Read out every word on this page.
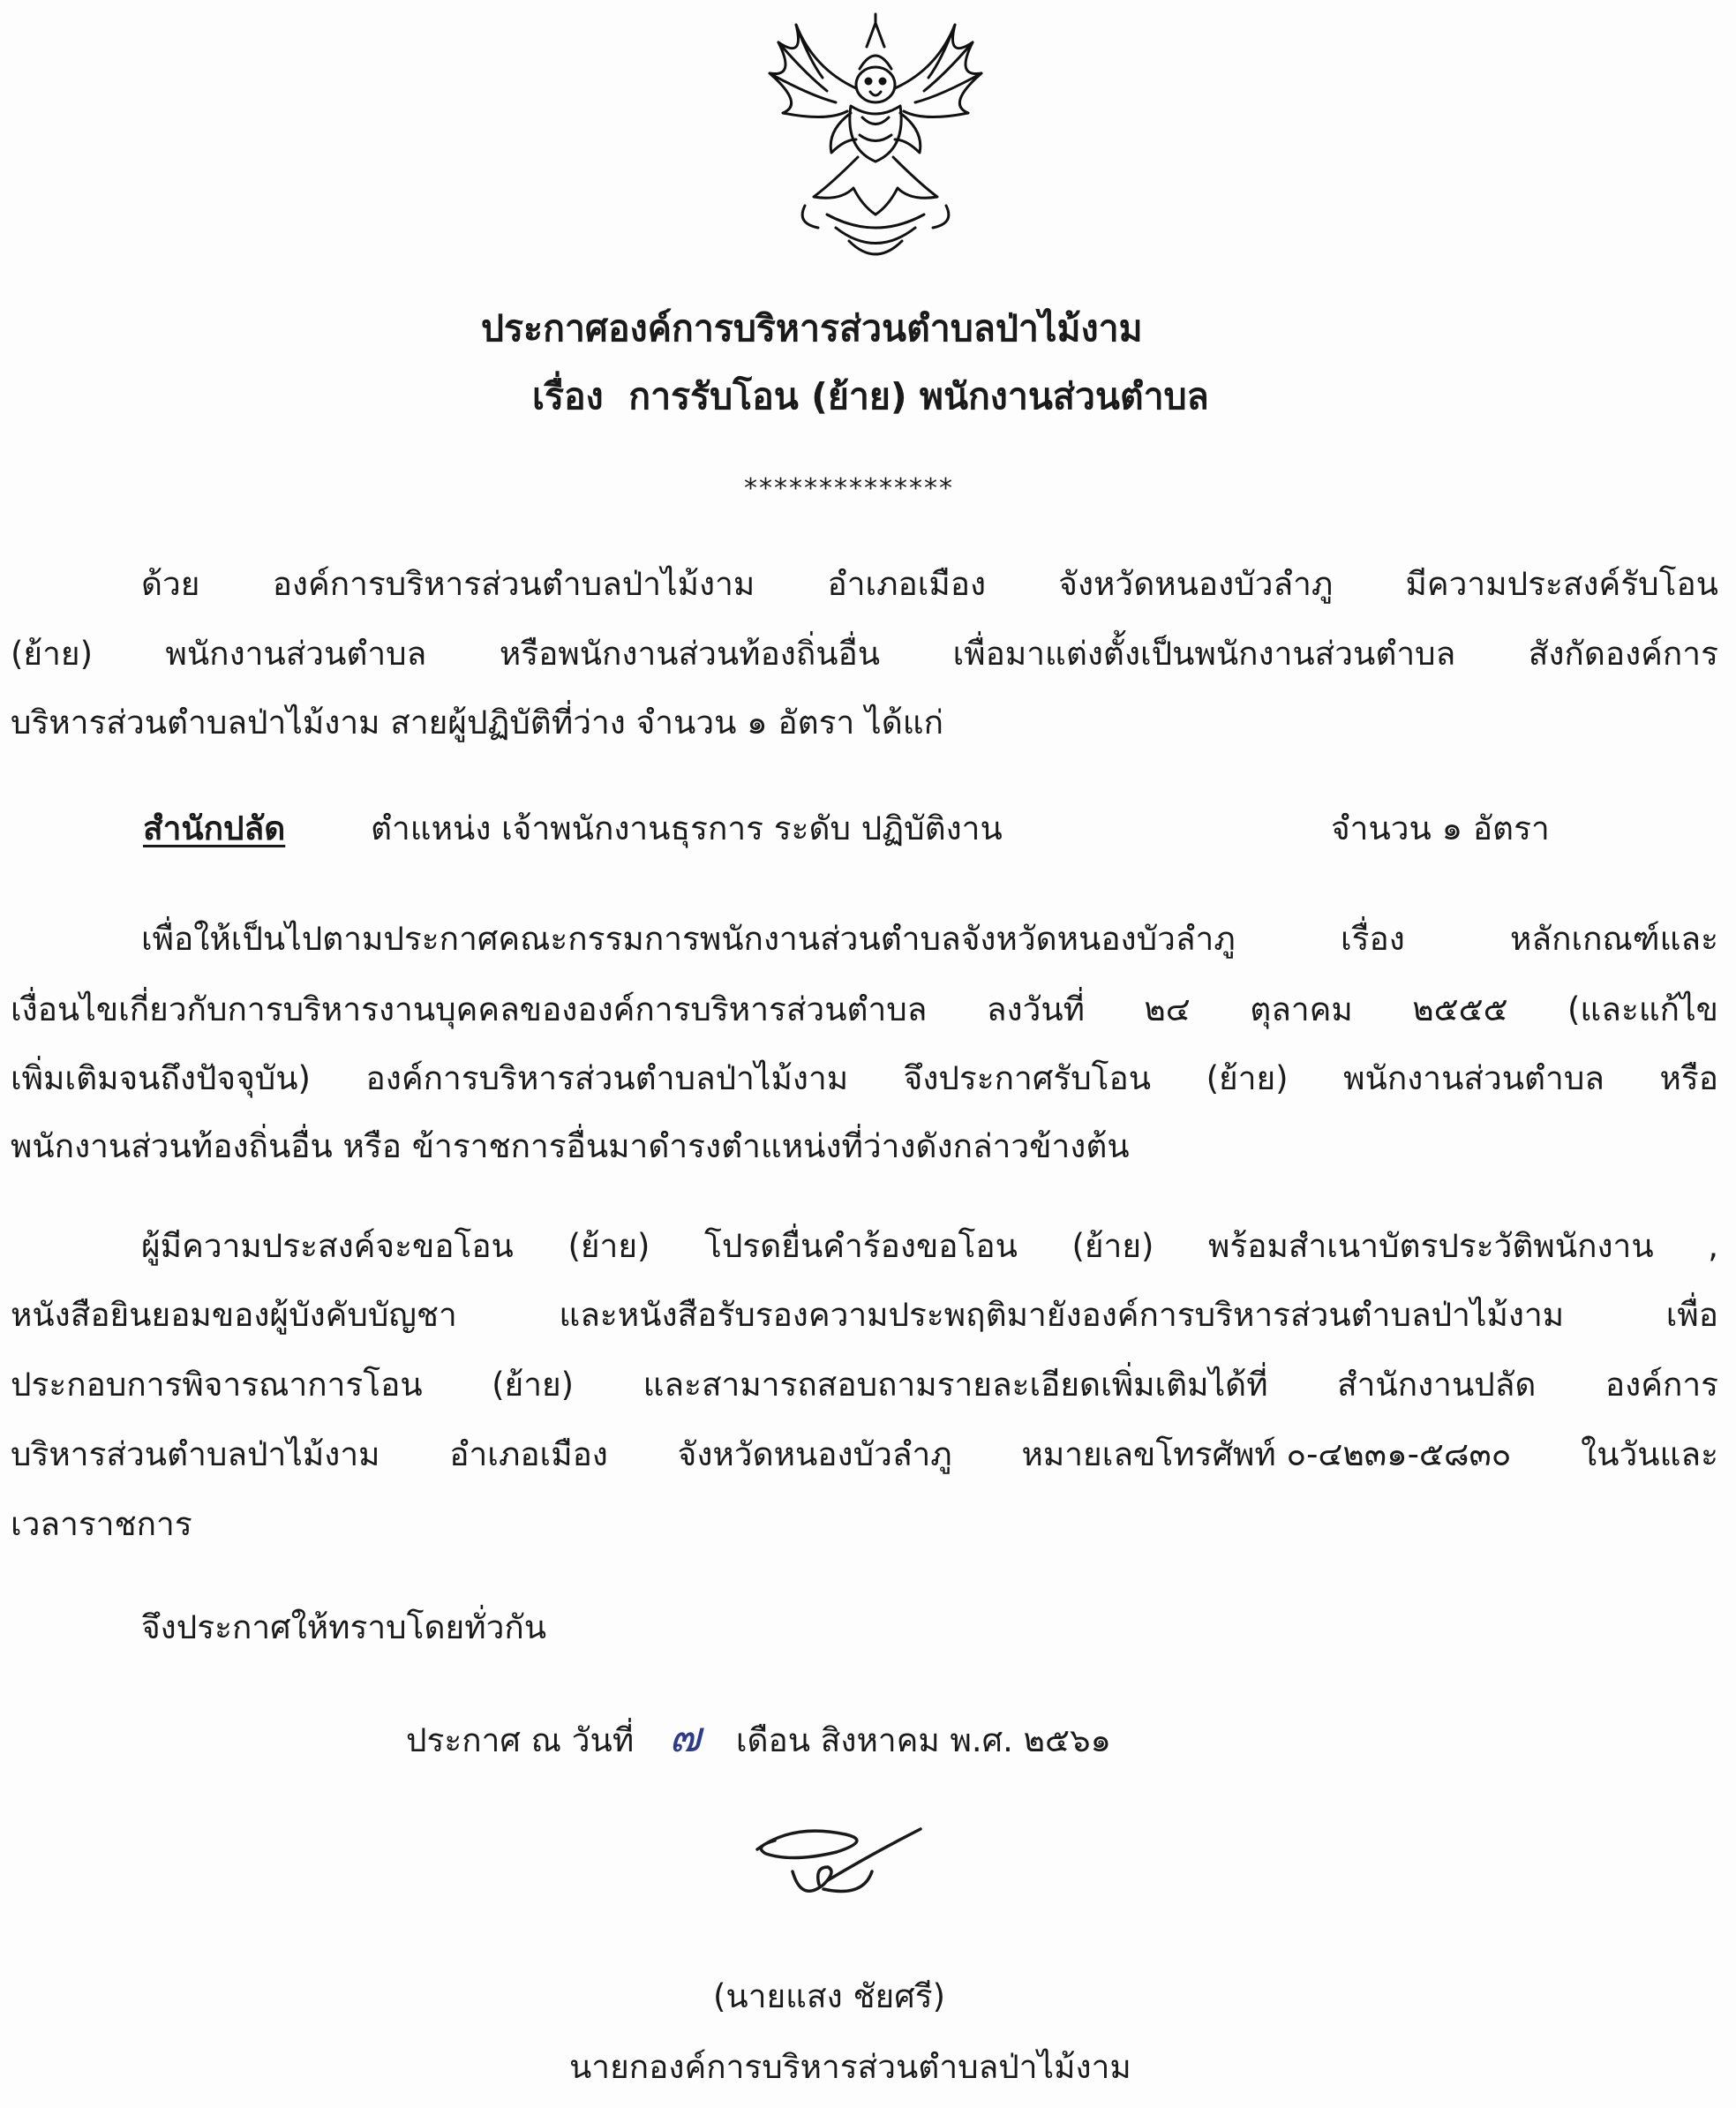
ประกาศองค์การบริหารส่วนตำบลป่าไม้งาม
เรื่อง การรับโอน (ย้าย) พนักงานส่วนตำบล
**************
ด้วย องค์การบริหารส่วนตำบลป่าไม้งาม อำเภอเมือง จังหวัดหนองบัวลำภู มีความประสงค์รับโอน
(ย้าย) พนักงานส่วนตำบล หรือพนักงานส่วนท้องถิ่นอื่น เพื่อมาแต่งตั้งเป็นพนักงานส่วนตำบล สังกัดองค์การ
บริหารส่วนตำบลป่าไม้งาม สายผู้ปฏิบัติที่ว่าง จำนวน ๑ อัตรา ได้แก่
สำนักปลัด	ตำแหน่ง เจ้าพนักงานธุรการ ระดับ ปฏิบัติงาน	จำนวน ๑ อัตรา
เพื่อให้เป็นไปตามประกาศคณะกรรมการพนักงานส่วนตำบลจังหวัดหนองบัวลำภู	เรื่อง	หลักเกณฑ์และ
เงื่อนไขเกี่ยวกับการบริหารงานบุคคลขององค์การบริหารส่วนตำบล ลงวันที่ ๒๔ ตุลาคม ๒๕๕๕ (และแก้ไข
เพิ่มเติมจนถึงปัจจุบัน) องค์การบริหารส่วนตำบลป่าไม้งาม จึงประกาศรับโอน (ย้าย) พนักงานส่วนตำบล หรือ
พนักงานส่วนท้องถิ่นอื่น หรือ ข้าราชการอื่นมาดำรงตำแหน่งที่ว่างดังกล่าวข้างต้น
ผู้มีความประสงค์จะขอโอน (ย้าย) โปรดยื่นคำร้องขอโอน (ย้าย) พร้อมสำเนาบัตรประวัติพนักงาน ,
หนังสือยินยอมของผู้บังคับบัญชา	และหนังสือรับรองความประพฤติมายังองค์การบริหารส่วนตำบลป่าไม้งาม	เพื่อ
ประกอบการพิจารณาการโอน (ย้าย) และสามารถสอบถามรายละเอียดเพิ่มเติมได้ที่ สำนักงานปลัด องค์การ
บริหารส่วนตำบลป่าไม้งาม อำเภอเมือง จังหวัดหนองบัวลำภู หมายเลขโทรศัพท์ ๐-๔๒๓๑-๕๘๓๐ ในวันและ
เวลาราชการ
จึงประกาศให้ทราบโดยทั่วกัน
ประกาศ ณ วันที่ ๗ เดือน สิงหาคม พ.ศ. ๒๕๖๑
(นายแสง ชัยศรี)
นายกองค์การบริหารส่วนตำบลป่าไม้งาม
